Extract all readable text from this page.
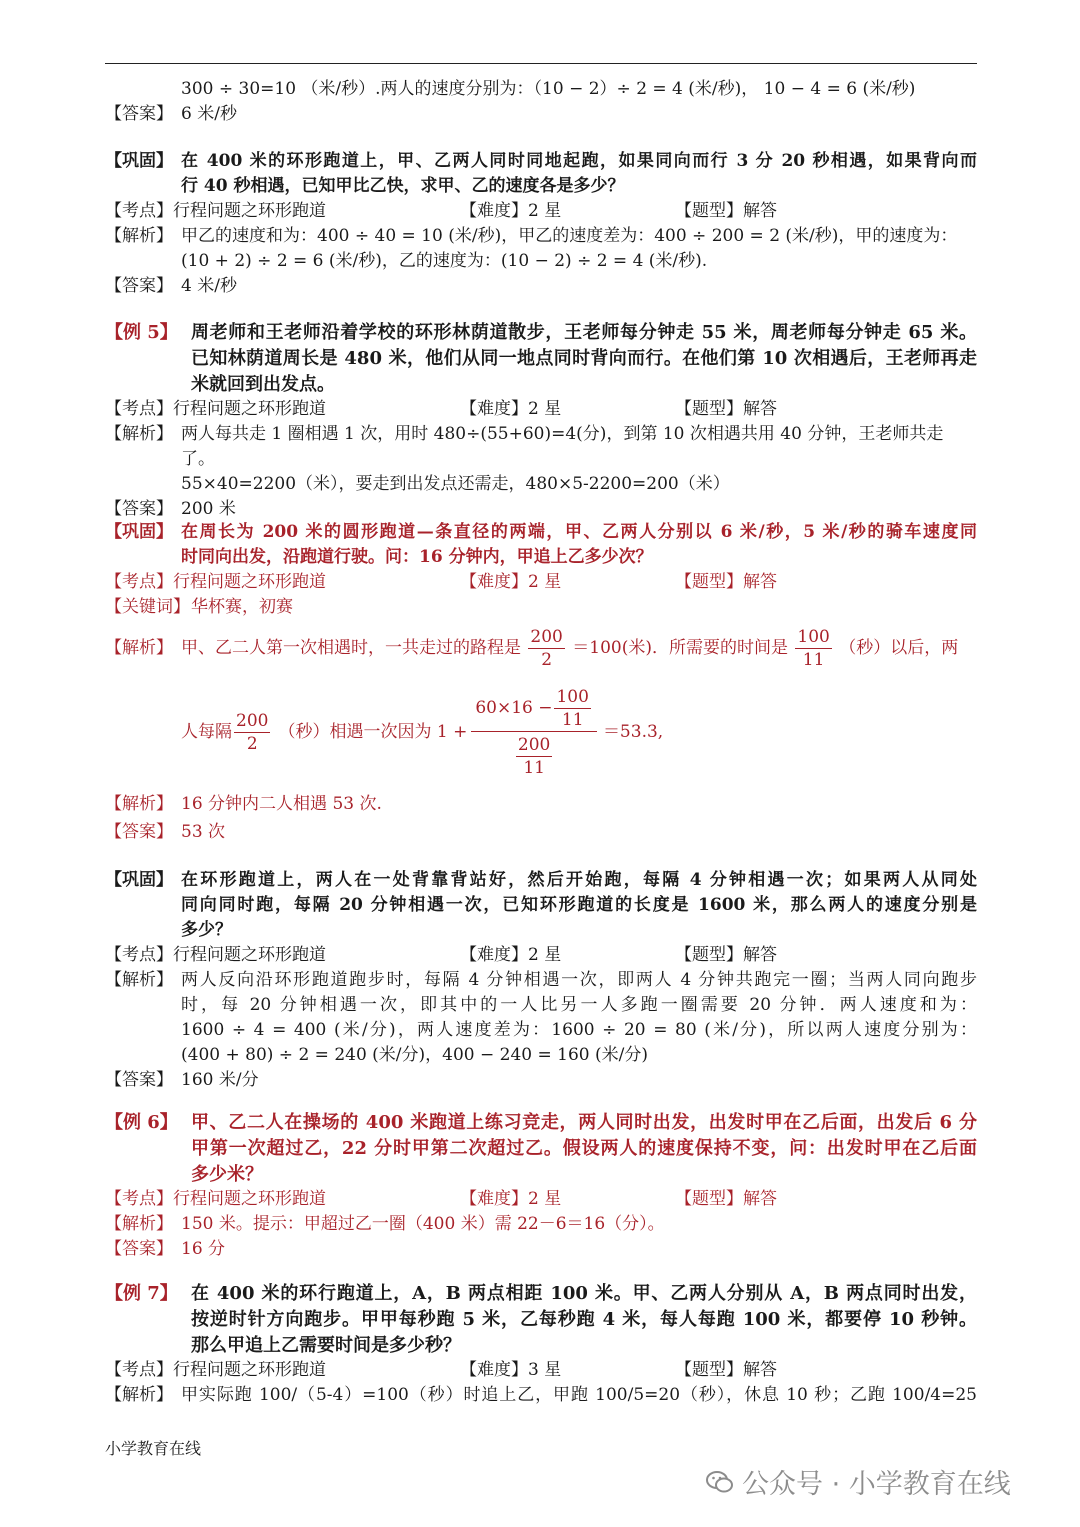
300 ÷ 30=10 （米/秒）.两人的速度分别为：（10 − 2）÷ 2 = 4 (米/秒)， 10 − 4 = 6 (米/秒)
【答案】 6 米/秒
【巩固】 在 400 米的环形跑道上，甲、乙两人同时同地起跑，如果同向而行 3 分 20 秒相遇，如果背向而
行 40 秒相遇，已知甲比乙快，求甲、乙的速度各是多少？
【考点】行程问题之环形跑道	【难度】2 星	【题型】解答
【解析】 甲乙的速度和为：400 ÷ 40 = 10 (米/秒)，甲乙的速度差为：400 ÷ 200 = 2 (米/秒)，甲的速度为：
(10 + 2) ÷ 2 = 6 (米/秒)，乙的速度为：(10 − 2) ÷ 2 = 4 (米/秒).
【答案】 4 米/秒
【例 5】 周老师和王老师沿着学校的环形林荫道散步，王老师每分钟走 55 米，周老师每分钟走 65 米。
已知林荫道周长是 480 米，他们从同一地点同时背向而行。在他们第 10 次相遇后，王老师再走
米就回到出发点。
【考点】行程问题之环形跑道	【难度】2 星	【题型】解答
【解析】 两人每共走 1 圈相遇 1 次，用时 480÷(55+60)=4(分)，到第 10 次相遇共用 40 分钟，王老师共走了。
55×40=2200（米），要走到出发点还需走，480×5-2200=200（米）
【答案】 200 米
【巩固】 在周长为 200 米的圆形跑道—条直径的两端，甲、乙两人分别以 6 米/秒，5 米/秒的骑车速度同
时同向出发，沿跑道行驶。问：16 分钟内，甲追上乙多少次？
【考点】行程问题之环形跑道	【难度】2 星	【题型】解答
【关键词】 华杯赛，初赛
【解析】 甲、乙二人第一次相遇时，一共走过的路程是 $\frac{200}{2} =100$(米)．所需要的时间是 $\frac{100}{11}$ （秒）以后，两
人每隔 $\frac{200}{2}$ （秒）相遇一次因为 $1 + \frac{60\times 16 - \frac{100}{11}}{\frac{200}{11}} =53.3$,
【解析】 16 分钟内二人相遇 53 次.
【答案】 53 次
【巩固】 在环形跑道上，两人在一处背靠背站好，然后开始跑，每隔 4 分钟相遇一次；如果两人从同处
同向同时跑，每隔 20 分钟相遇一次，已知环形跑道的长度是 1600 米，那么两人的速度分别是
多少？
【考点】行程问题之环形跑道	【难度】2 星	【题型】解答
【解析】 两人反向沿环形跑道跑步时，每隔 4 分钟相遇一次，即两人 4 分钟共跑完一圈；当两人同向跑步
时，每 20 分钟相遇一次，即其中的一人比另一人多跑一圈需要 20 分钟．两人速度和为：
1600 ÷ 4 = 400 (米/分)，两人速度差为：1600 ÷ 20 = 80 (米/分)，所以两人速度分别为：
(400 + 80) ÷ 2 = 240 (米/分)，400 − 240 = 160 (米/分)
【答案】 160 米/分
【例 6】 甲、乙二人在操场的 400 米跑道上练习竞走，两人同时出发，出发时甲在乙后面，出发后 6 分
甲第一次超过乙，22 分时甲第二次超过乙。假设两人的速度保持不变，问：出发时甲在乙后面
多少米？
【考点】行程问题之环形跑道	【难度】2 星	【题型】解答
【解析】 150 米。提示：甲超过乙一圈（400 米）需 22－6＝16（分）。
【答案】 16 分
【例 7】 在 400 米的环行跑道上，A，B 两点相距 100 米。甲、乙两人分别从 A，B 两点同时出发，
按逆时针方向跑步。甲甲每秒跑 5 米，乙每秒跑 4 米，每人每跑 100 米，都要停 10 秒钟。
那么甲追上乙需要时间是多少秒？
【考点】行程问题之环形跑道	【难度】3 星	【题型】解答
【解析】 甲实际跑 100/（5-4）=100（秒）时追上乙，甲跑 100/5=20（秒），休息 10 秒；乙跑 100/4=25
小学教育在线
公众号 · 小学教育在线
